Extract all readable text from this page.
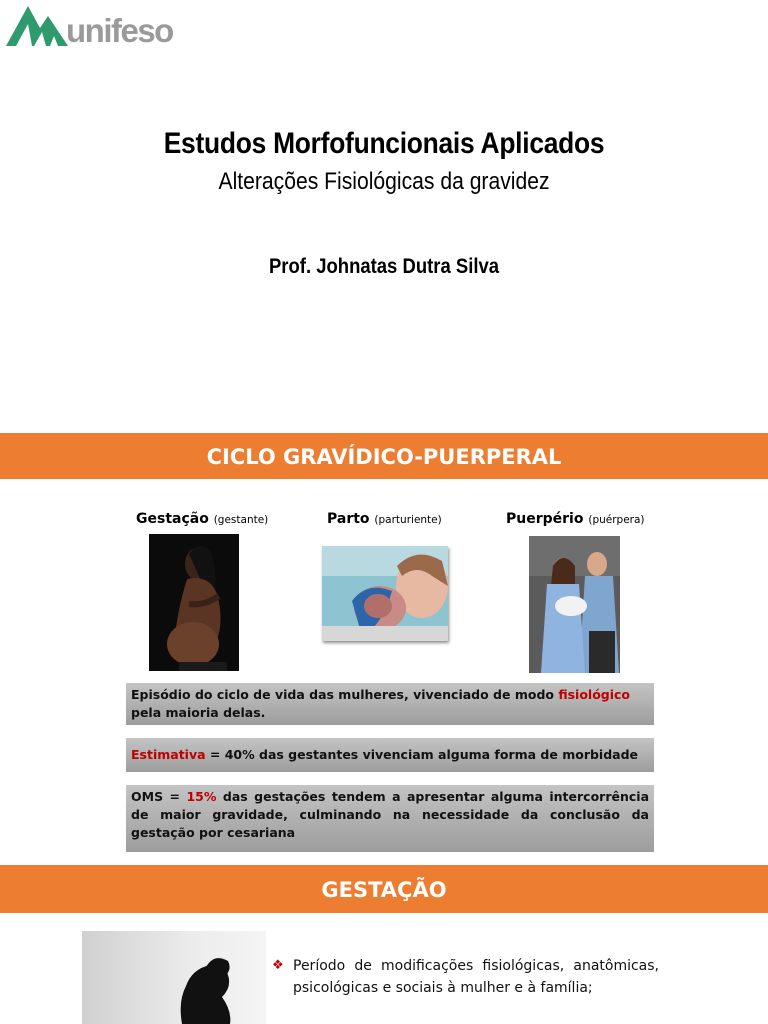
unifeso
Estudos Morfofuncionais Aplicados
Alterações Fisiológicas da gravidez
Prof. Johnatas Dutra Silva
CICLO GRAVÍDICO-PUERPERAL
Gestação (gestante)	Parto (parturiente)	Puerpério (puérpera)
Episódio do ciclo de vida das mulheres, vivenciado de modo fisiológico pela maioria delas.
Estimativa = 40% das gestantes vivenciam alguma forma de morbidade
OMS = 15% das gestações tendem a apresentar alguma intercorrência de maior gravidade, culminando na necessidade da conclusão da gestação por cesariana
GESTAÇÃO
❖ Período de modificações fisiológicas, anatômicas,
psicológicas e sociais à mulher e à família;
